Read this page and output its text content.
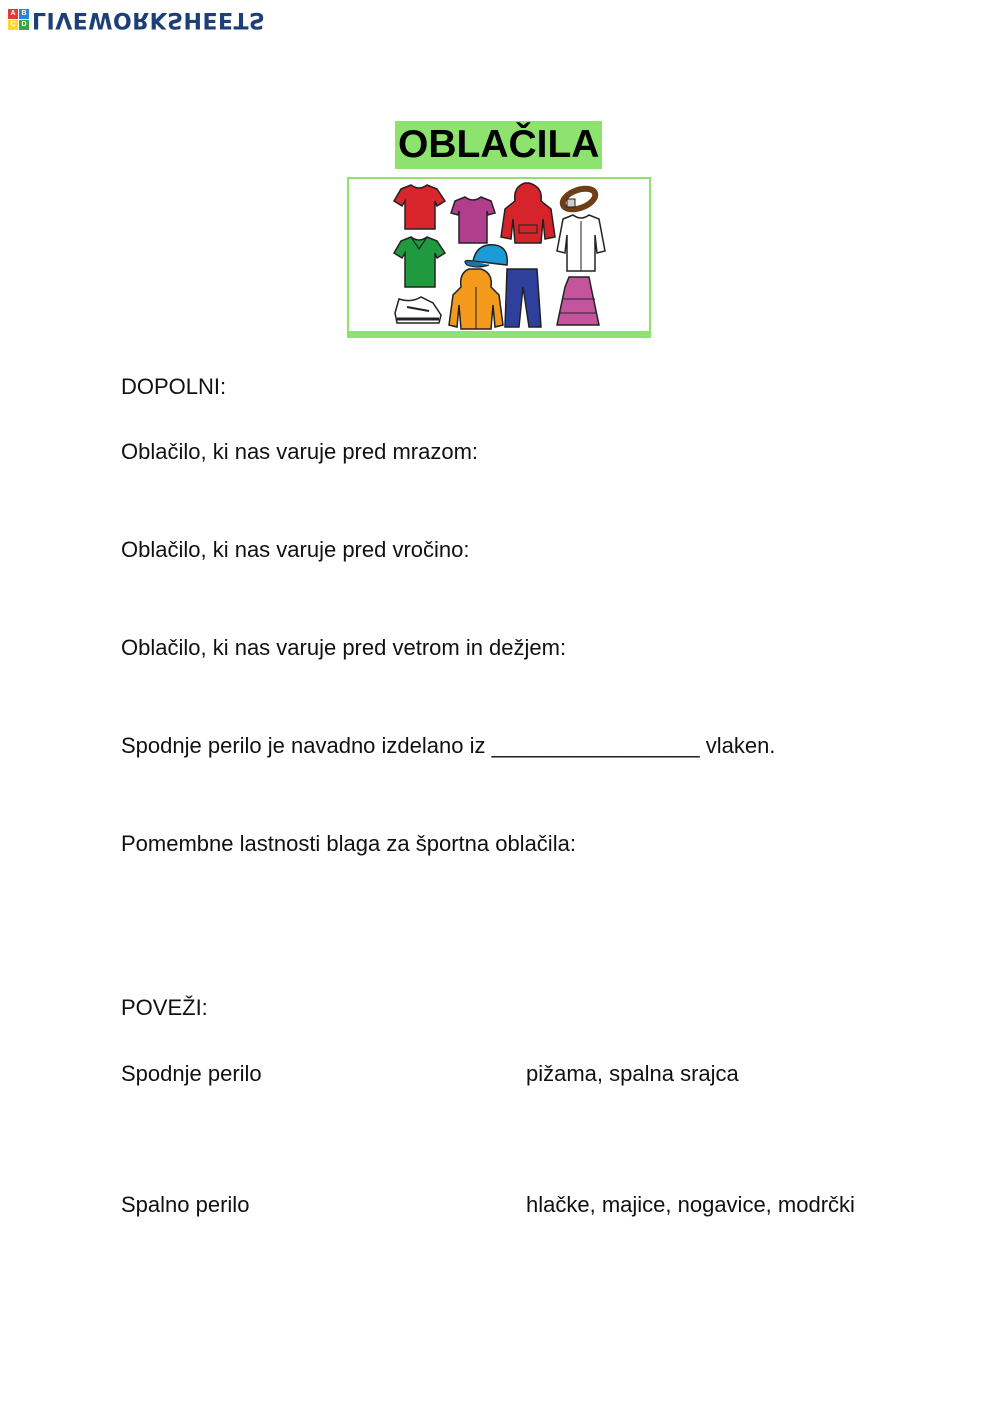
A B
C D LIVEWORKSHEETS
OBLAČILA
DOPOLNI:
Oblačilo, ki nas varuje pred mrazom:
Oblačilo, ki nas varuje pred vročino:
Oblačilo, ki nas varuje pred vetrom in dežjem:
Spodnje perilo je navadno izdelano iz _________________ vlaken.
Pomembne lastnosti blaga za športna oblačila:
POVEŽI:
Spodnje perilo	pižama, spalna srajca
Spalno perilo	hlačke, majice, nogavice, modrčki
